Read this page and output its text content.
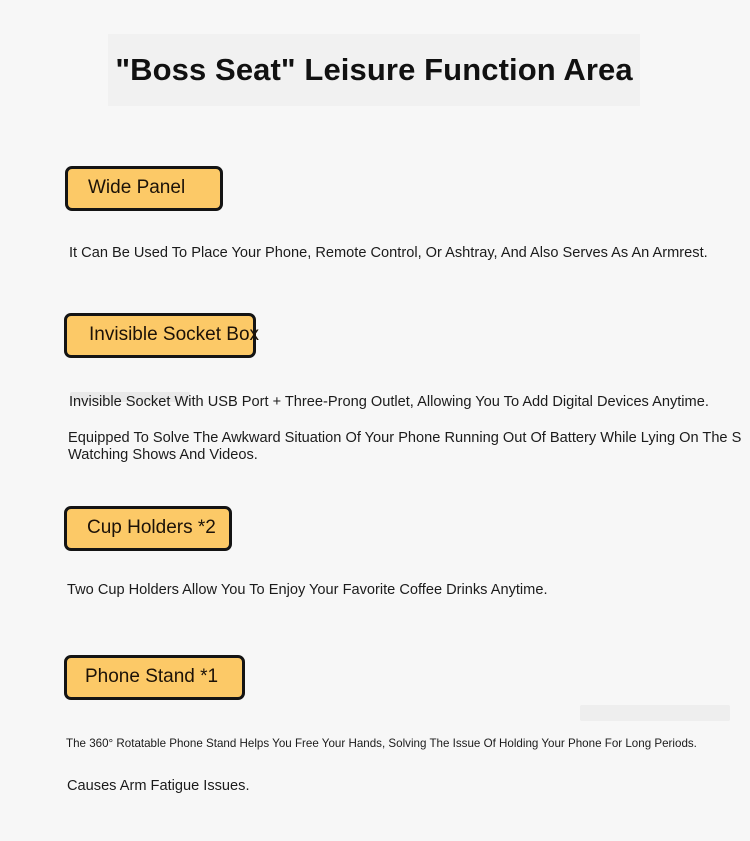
"Boss Seat" Leisure Function Area
Wide Panel
It Can Be Used To Place Your Phone, Remote Control, Or Ashtray, And Also Serves As An Armrest.
Invisible Socket Box
Invisible Socket With USB Port + Three-Prong Outlet, Allowing You To Add Digital Devices Anytime.
Equipped To Solve The Awkward Situation Of Your Phone Running Out Of Battery While Lying On The S Watching Shows And Videos.
Cup Holders *2
Two Cup Holders Allow You To Enjoy Your Favorite Coffee Drinks Anytime.
Phone Stand *1
The 360° Rotatable Phone Stand Helps You Free Your Hands, Solving The Issue Of Holding Your Phone For Long Periods.
Causes Arm Fatigue Issues.
